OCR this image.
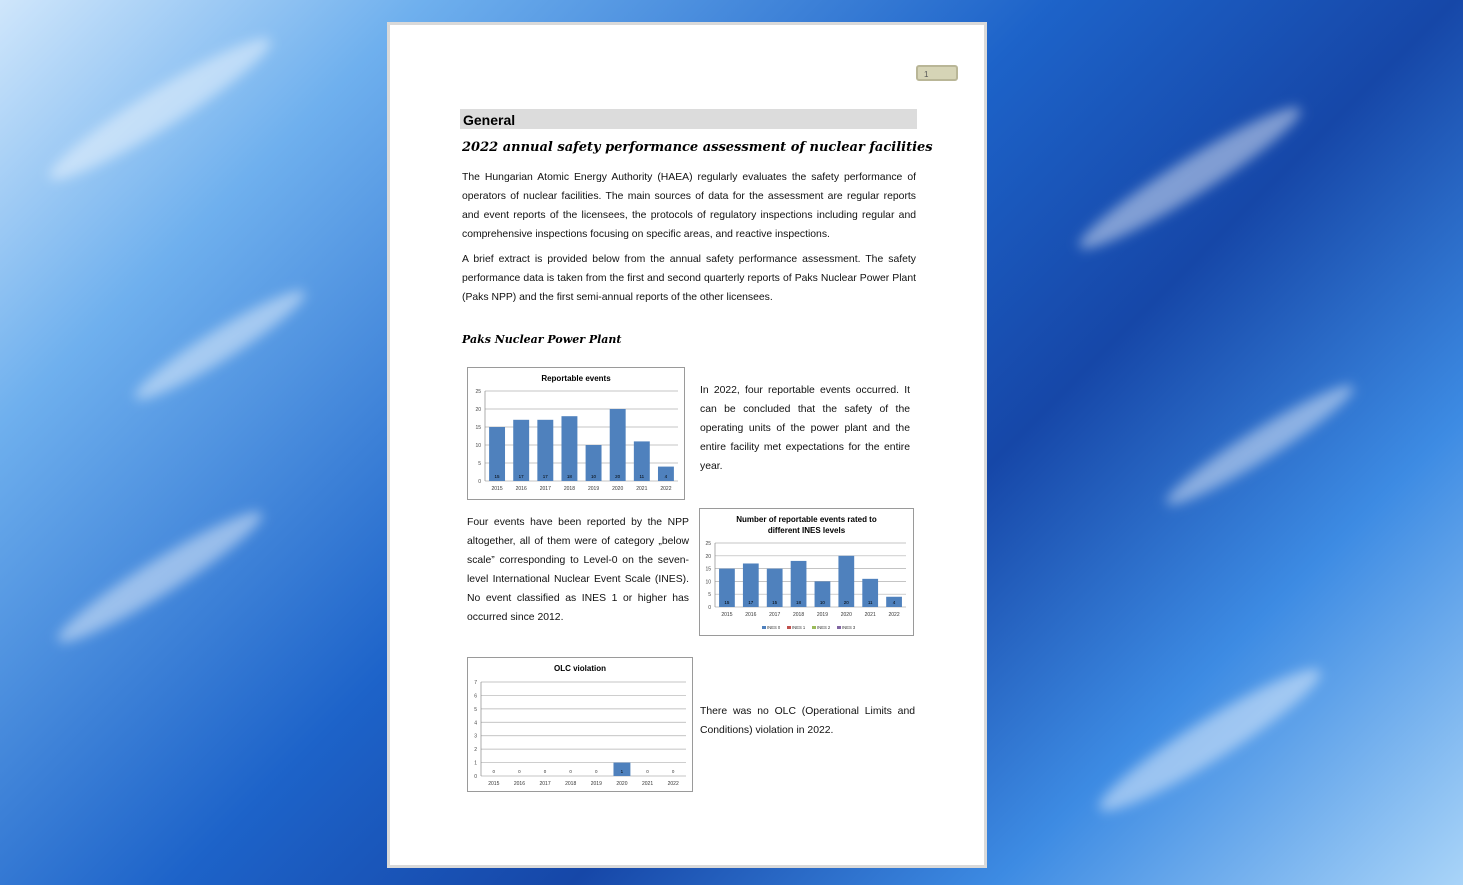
1
General
2022 annual safety performance assessment of nuclear facilities

The Hungarian Atomic Energy Authority (HAEA) regularly evaluates the safety performance of operators of nuclear facilities. The main sources of data for the assessment are regular reports and event reports of the licensees, the protocols of regulatory inspections including regular and comprehensive inspections focusing on specific areas, and reactive inspections.

A brief extract is provided below from the annual safety performance assessment. The safety performance data is taken from the first and second quarterly reports of Paks Nuclear Power Plant (Paks NPP) and the first semi-annual reports of the other licensees.

Paks Nuclear Power Plant
Reportable events
0
5
10
15
20
25
15
2015
17
2016
17
2017
18
2018
10
2019
20
2020
11
2021
4
2022

In 2022, four reportable events occurred. It can be concluded that the safety of the operating units of the power plant and the entire facility met expectations for the entire year.

Four events have been reported by the NPP altogether, all of them were of category „below scale” corresponding to Level-0 on the seven-level International Nuclear Event Scale (INES). No event classified as INES 1 or higher has occurred since 2012.

Number of reportable events rated to
different INES levels
0
5
10
15
20
25
15
2015
17
2016
15
2017
18
2018
10
2019
20
2020
11
2021
4
2022
INES 0	INES 1	INES 2	INES 3
OLC violation
0
1
2
3
4
5
6
7
0
2015
0
2016
0
2017
0
2018
0
2019
1
2020
0
2021
0
2022

There was no OLC (Operational Limits and Conditions) violation in 2022.
